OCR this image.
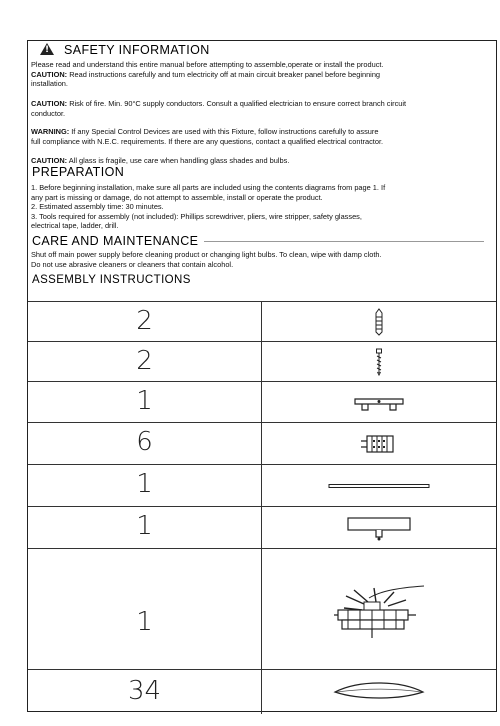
!SAFETY INFORMATION
Please read and understand this entire manual before attempting to assemble,operate or install the product.
CAUTION: Read instructions carefully and turn electricity off at main circuit breaker panel before beginning
installation.
CAUTION: Risk of fire. Min. 90°C supply conductors. Consult a qualified electrician to ensure correct branch circuit
conductor.
WARNING: If any Special Control Devices are used with this Fixture, follow instructions carefully to assure
full compliance with N.E.C. requirements. If there are any questions, contact a qualified electrical contractor.
CAUTION: All glass is fragile, use care when handling glass shades and bulbs.
PREPARATION
1. Before beginning installation, make sure all parts are included using the contents diagrams from page 1. If
any part is missing or damage, do not attempt to assemble, install or operate the product.
2. Estimated assembly time: 30 minutes.
3. Tools required for assembly (not included): Phillips screwdriver, pliers, wire stripper, safety glasses,
electrical tape, ladder, drill.
CARE AND MAINTENANCE
Shut off main power supply before cleaning product or changing light bulbs. To clean, wipe with damp cloth.
Do not use abrasive cleaners or cleaners that contain alcohol.
ASSEMBLY INSTRUCTIONS
2
2
1
6
1
1
1
34
